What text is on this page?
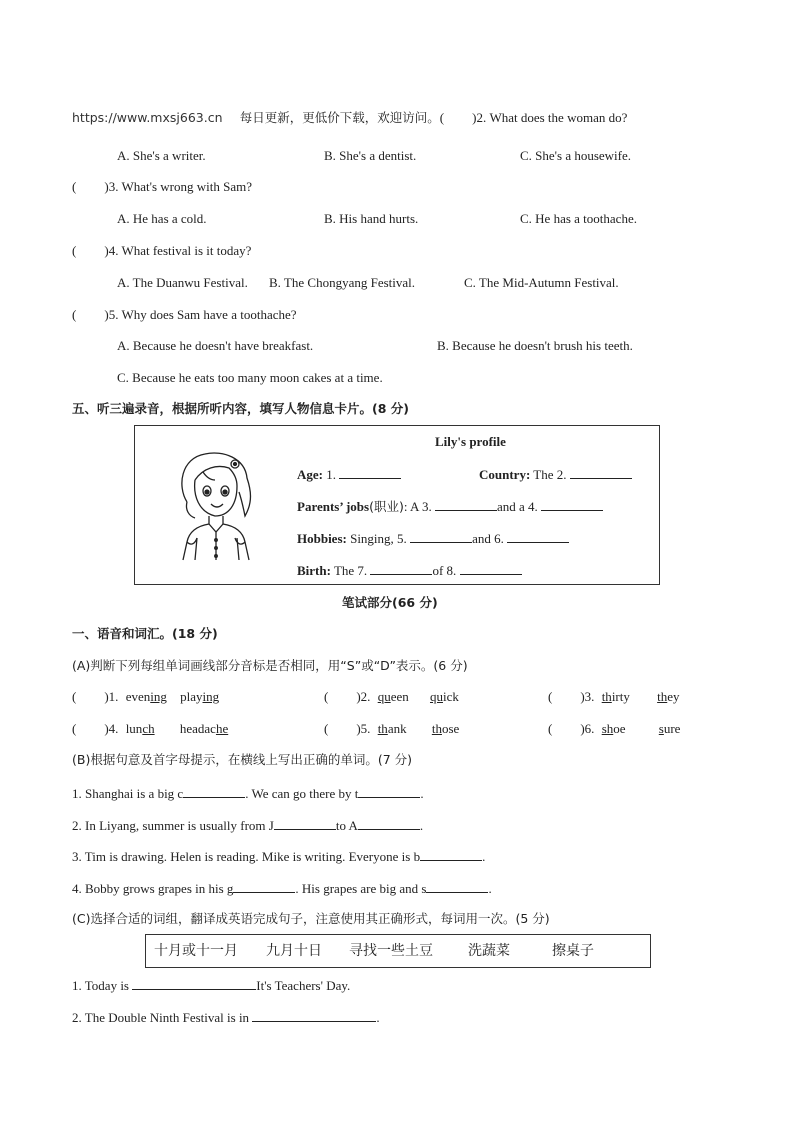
https://www.mxsj663.cn 每日更新，更低价下载，欢迎访问。( )2. What does the woman do?
A. She's a writer.	B. She's a dentist.	C. She's a housewife.
( )3. What's wrong with Sam?
A. He has a cold.	B. His hand hurts.	C. He has a toothache.
( )4. What festival is it today?
A. The Duanwu Festival. B. The Chongyang Festival.	C. The Mid-Autumn Festival.
( )5. Why does Sam have a toothache?
A. Because he doesn't have breakfast.	B. Because he doesn't brush his teeth.
C. Because he eats too many moon cakes at a time.
五、听三遍录音，根据所听内容，填写人物信息卡片。(8 分)
Lily's profile
Age: 1.	Country: The 2.
Parents’ jobs(职业): A 3.	and a 4.
Hobbies: Singing, 5.	and 6.
Birth: The 7.	of 8.
笔试部分(66 分)
一、语音和词汇。(18 分)
(A)判断下列每组单词画线部分音标是否相同，用“S”或“D”表示。(6 分)
( )1. evening playing	( )2. queen quick	( )3. thirty they
( )4. lunch headache	( )5. thank those	( )6. shoe	sure
(B)根据句意及首字母提示，在横线上写出正确的单词。(7 分)
1. Shanghai is a big c	. We can go there by t	.
2. In Liyang, summer is usually from J	to A	.
3. Tim is drawing. Helen is reading. Mike is writing. Everyone is b	.
4. Bobby grows grapes in his g	. His grapes are big and s	.
(C)选择合适的词组，翻译成英语完成句子，注意使用其正确形式，每词用一次。(5 分)
十月或十一月 九月十日 寻找一些土豆	洗蔬菜	擦桌子
1. Today is	It's Teachers' Day.
2. The Double Ninth Festival is in	.
